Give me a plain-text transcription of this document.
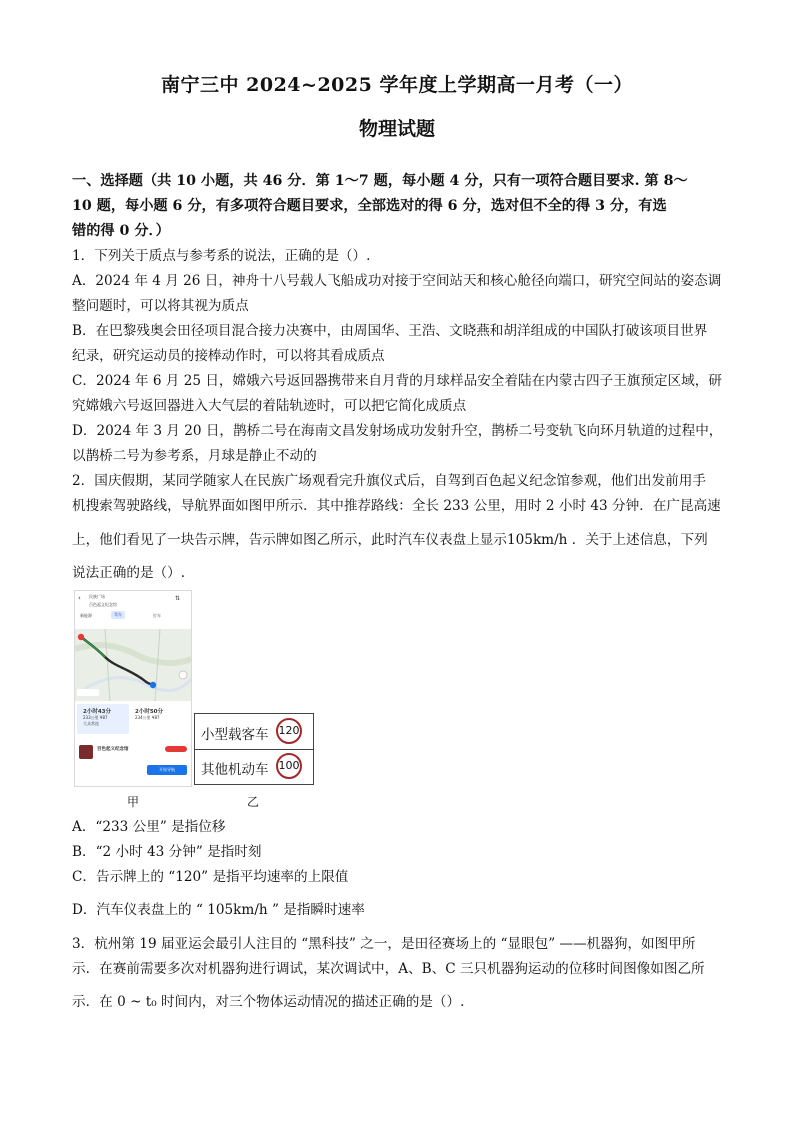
南宁三中 2024~2025 学年度上学期高一月考（一）
物理试题
一、选择题（共 10 小题，共 46 分．第 1～7 题，每小题 4 分，只有一项符合题目要求. 第 8～
10 题，每小题 6 分，有多项符合题目要求，全部选对的得 6 分，选对但不全的得 3 分，有选
错的得 0 分．）
1．下列关于质点与参考系的说法，正确的是（）.
A．2024 年 4 月 26 日，神舟十八号载人飞船成功对接于空间站天和核心舱径向端口，研究空间站的姿态调
整问题时，可以将其视为质点
B．在巴黎残奥会田径项目混合接力决赛中，由周国华、王浩、文晓燕和胡洋组成的中国队打破该项目世界
纪录，研究运动员的接棒动作时，可以将其看成质点
C．2024 年 6 月 25 日，嫦娥六号返回器携带来自月背的月球样品安全着陆在内蒙古四子王旗预定区域，研
究嫦娥六号返回器进入大气层的着陆轨迹时，可以把它简化成质点
D．2024 年 3 月 20 日，鹊桥二号在海南文昌发射场成功发射升空，鹊桥二号变轨飞向环月轨道的过程中，
以鹊桥二号为参考系，月球是静止不动的
2．国庆假期，某同学随家人在民族广场观看完升旗仪式后，自驾到百色起义纪念馆参观，他们出发前用手
机搜索驾驶路线，导航界面如图甲所示．其中推荐路线：全长 233 公里，用时 2 小时 43 分钟．在广昆高速
上，他们看见了一块告示牌，告示牌如图乙所示，此时汽车仪表盘上显示105km/h ．关于上述信息，下列
说法正确的是（）.
‹ 民族广场
百色起义纪念馆
⇅
新能源	驾车	打车
2小时43分
233公里 ¥87
大众常选
2小时50分
234公里 ¥87
百色起义纪念馆
开始导航
甲
小型载客车 120
其他机动车 100
乙
A．“233 公里” 是指位移
B．“2 小时 43 分钟” 是指时刻
C．告示牌上的 “120” 是指平均速率的上限值
D．汽车仪表盘上的 “ 105km/h ” 是指瞬时速率
3．杭州第 19 届亚运会最引人注目的 “黑科技” 之一，是田径赛场上的 “显眼包” ——机器狗，如图甲所
示．在赛前需要多次对机器狗进行调试，某次调试中，A、B、C 三只机器狗运动的位移时间图像如图乙所
示．在 0 ~ t₀ 时间内，对三个物体运动情况的描述正确的是（）.
